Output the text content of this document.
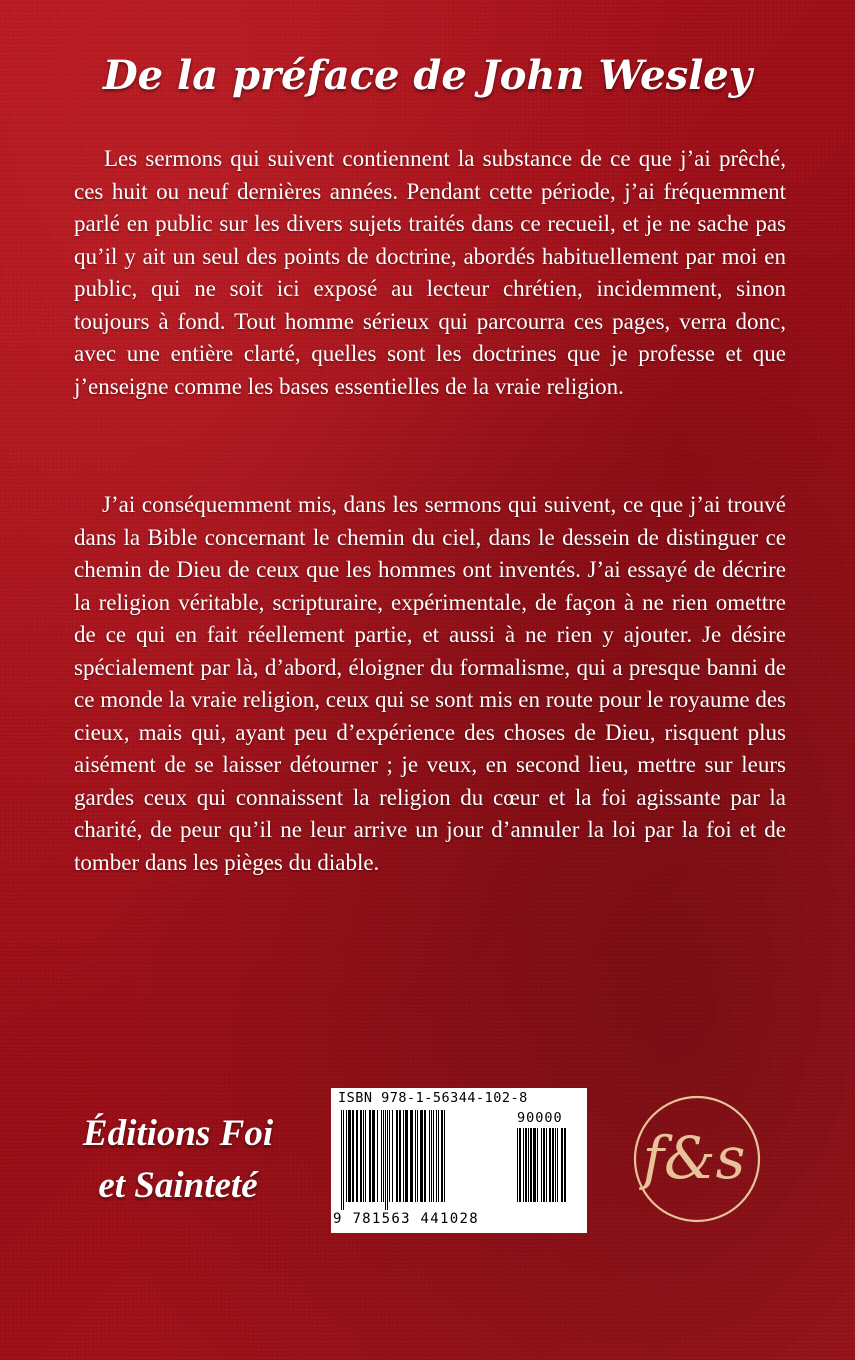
De la préface de John Wesley

Les sermons qui suivent contiennent la substance de ce que j’ai prêché, ces huit ou neuf dernières années. Pendant cette période, j’ai fréquemment parlé en public sur les divers sujets traités dans ce recueil, et je ne sache pas qu’il y ait un seul des points de doctrine, abordés habituellement par moi en public, qui ne soit ici exposé au lecteur chrétien, incidemment, sinon toujours à fond. Tout homme sérieux qui parcourra ces pages, verra donc, avec une entière clarté, quelles sont les doctrines que je professe et que j’enseigne comme les bases essentielles de la vraie religion.

J’ai conséquemment mis, dans les sermons qui suivent, ce que j’ai trouvé dans la Bible concernant le chemin du ciel, dans le dessein de distinguer ce chemin de Dieu de ceux que les hommes ont inventés. J’ai essayé de décrire la religion véritable, scripturaire, expérimentale, de façon à ne rien omettre de ce qui en fait réellement partie, et aussi à ne rien y ajouter. Je désire spécialement par là, d’abord, éloigner du formalisme, qui a presque banni de ce monde la vraie religion, ceux qui se sont mis en route pour le royaume des cieux, mais qui, ayant peu d’expérience des choses de Dieu, risquent plus aisément de se laisser détourner ; je veux, en second lieu, mettre sur leurs gardes ceux qui connaissent la religion du cœur et la foi agissante par la charité, de peur qu’il ne leur arrive un jour d’annuler la loi par la foi et de tomber dans les pièges du diable.

Éditions Foi
et Sainteté

ISBN 978-1-56344-102-8

90000

9 781563 441028

f&s
